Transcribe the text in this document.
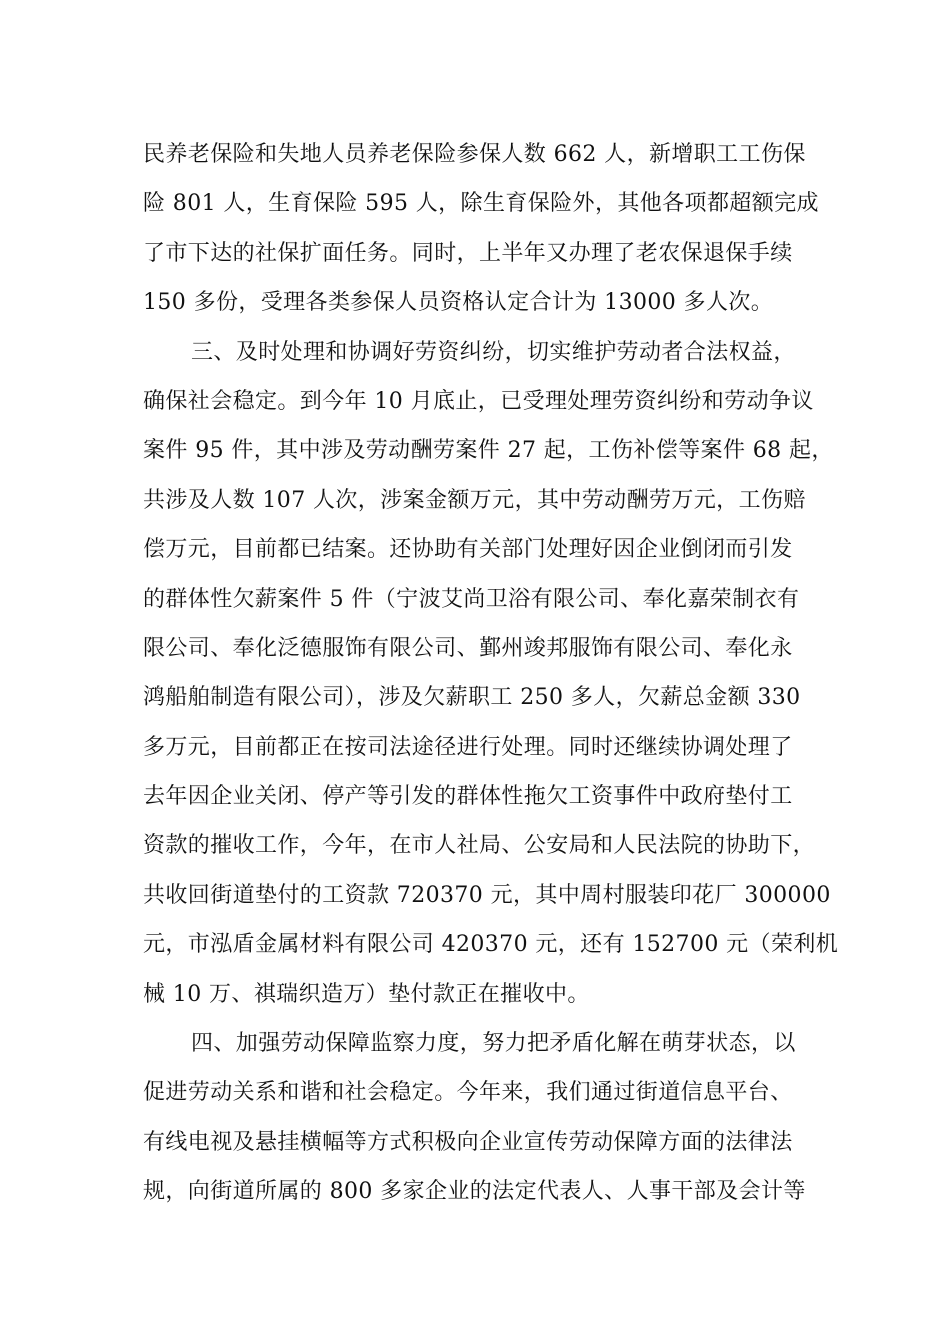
民养老保险和失地人员养老保险参保人数 662 人，新增职工工伤保
险 801 人，生育保险 595 人，除生育保险外，其他各项都超额完成
了市下达的社保扩面任务。同时，上半年又办理了老农保退保手续
150 多份，受理各类参保人员资格认定合计为 13000 多人次。
三、及时处理和协调好劳资纠纷，切实维护劳动者合法权益，
确保社会稳定。到今年 10 月底止，已受理处理劳资纠纷和劳动争议
案件 95 件，其中涉及劳动酬劳案件 27 起，工伤补偿等案件 68 起，
共涉及人数 107 人次，涉案金额万元，其中劳动酬劳万元，工伤赔
偿万元，目前都已结案。还协助有关部门处理好因企业倒闭而引发
的群体性欠薪案件 5 件（宁波艾尚卫浴有限公司、奉化嘉荣制衣有
限公司、奉化泛德服饰有限公司、鄞州竣邦服饰有限公司、奉化永
鸿船舶制造有限公司），涉及欠薪职工 250 多人，欠薪总金额 330
多万元，目前都正在按司法途径进行处理。同时还继续协调处理了
去年因企业关闭、停产等引发的群体性拖欠工资事件中政府垫付工
资款的摧收工作，今年，在市人社局、公安局和人民法院的协助下，
共收回街道垫付的工资款 720370 元，其中周村服装印花厂 300000
元，市泓盾金属材料有限公司 420370 元，还有 152700 元（荣利机
械 10 万、祺瑞织造万）垫付款正在摧收中。
四、加强劳动保障监察力度，努力把矛盾化解在萌芽状态，以
促进劳动关系和谐和社会稳定。今年来，我们通过街道信息平台、
有线电视及悬挂横幅等方式积极向企业宣传劳动保障方面的法律法
规，向街道所属的 800 多家企业的法定代表人、人事干部及会计等
